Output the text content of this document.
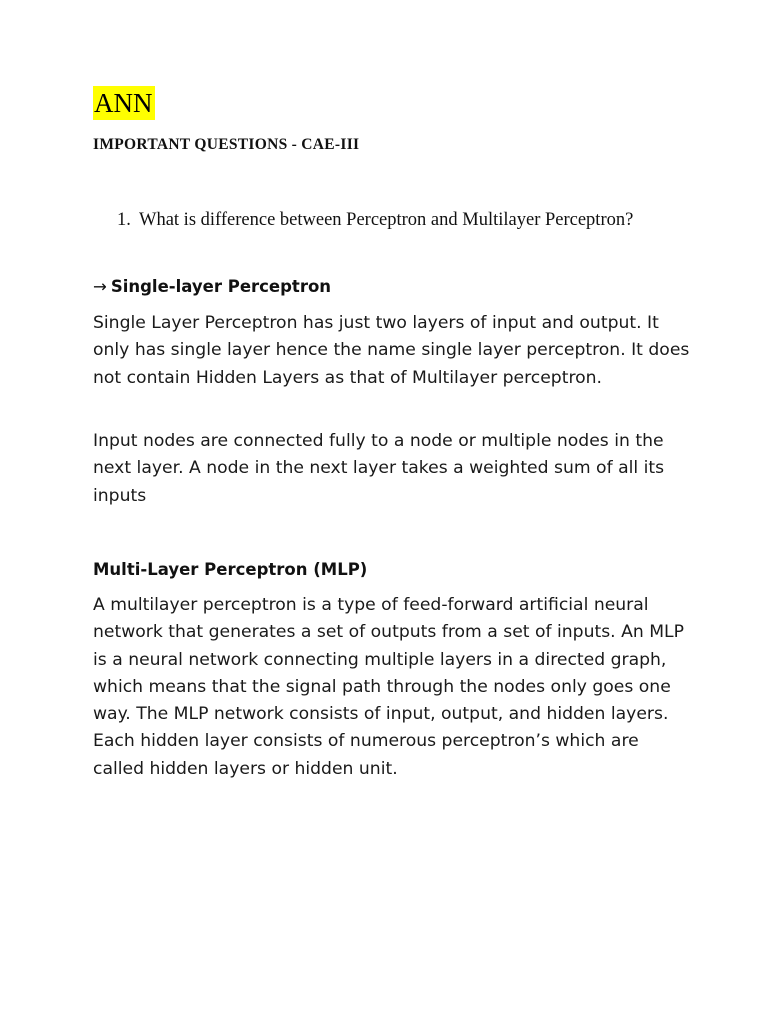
ANN
IMPORTANT QUESTIONS - CAE-III
1. What is difference between Perceptron and Multilayer Perceptron?
→ Single-layer Perceptron
Single Layer Perceptron has just two layers of input and output. It only has single layer hence the name single layer perceptron. It does not contain Hidden Layers as that of Multilayer perceptron.
Input nodes are connected fully to a node or multiple nodes in the next layer. A node in the next layer takes a weighted sum of all its inputs
Multi-Layer Perceptron (MLP)
A multilayer perceptron is a type of feed-forward artificial neural network that generates a set of outputs from a set of inputs. An MLP is a neural network connecting multiple layers in a directed graph, which means that the signal path through the nodes only goes one way. The MLP network consists of input, output, and hidden layers. Each hidden layer consists of numerous perceptron’s which are called hidden layers or hidden unit.
